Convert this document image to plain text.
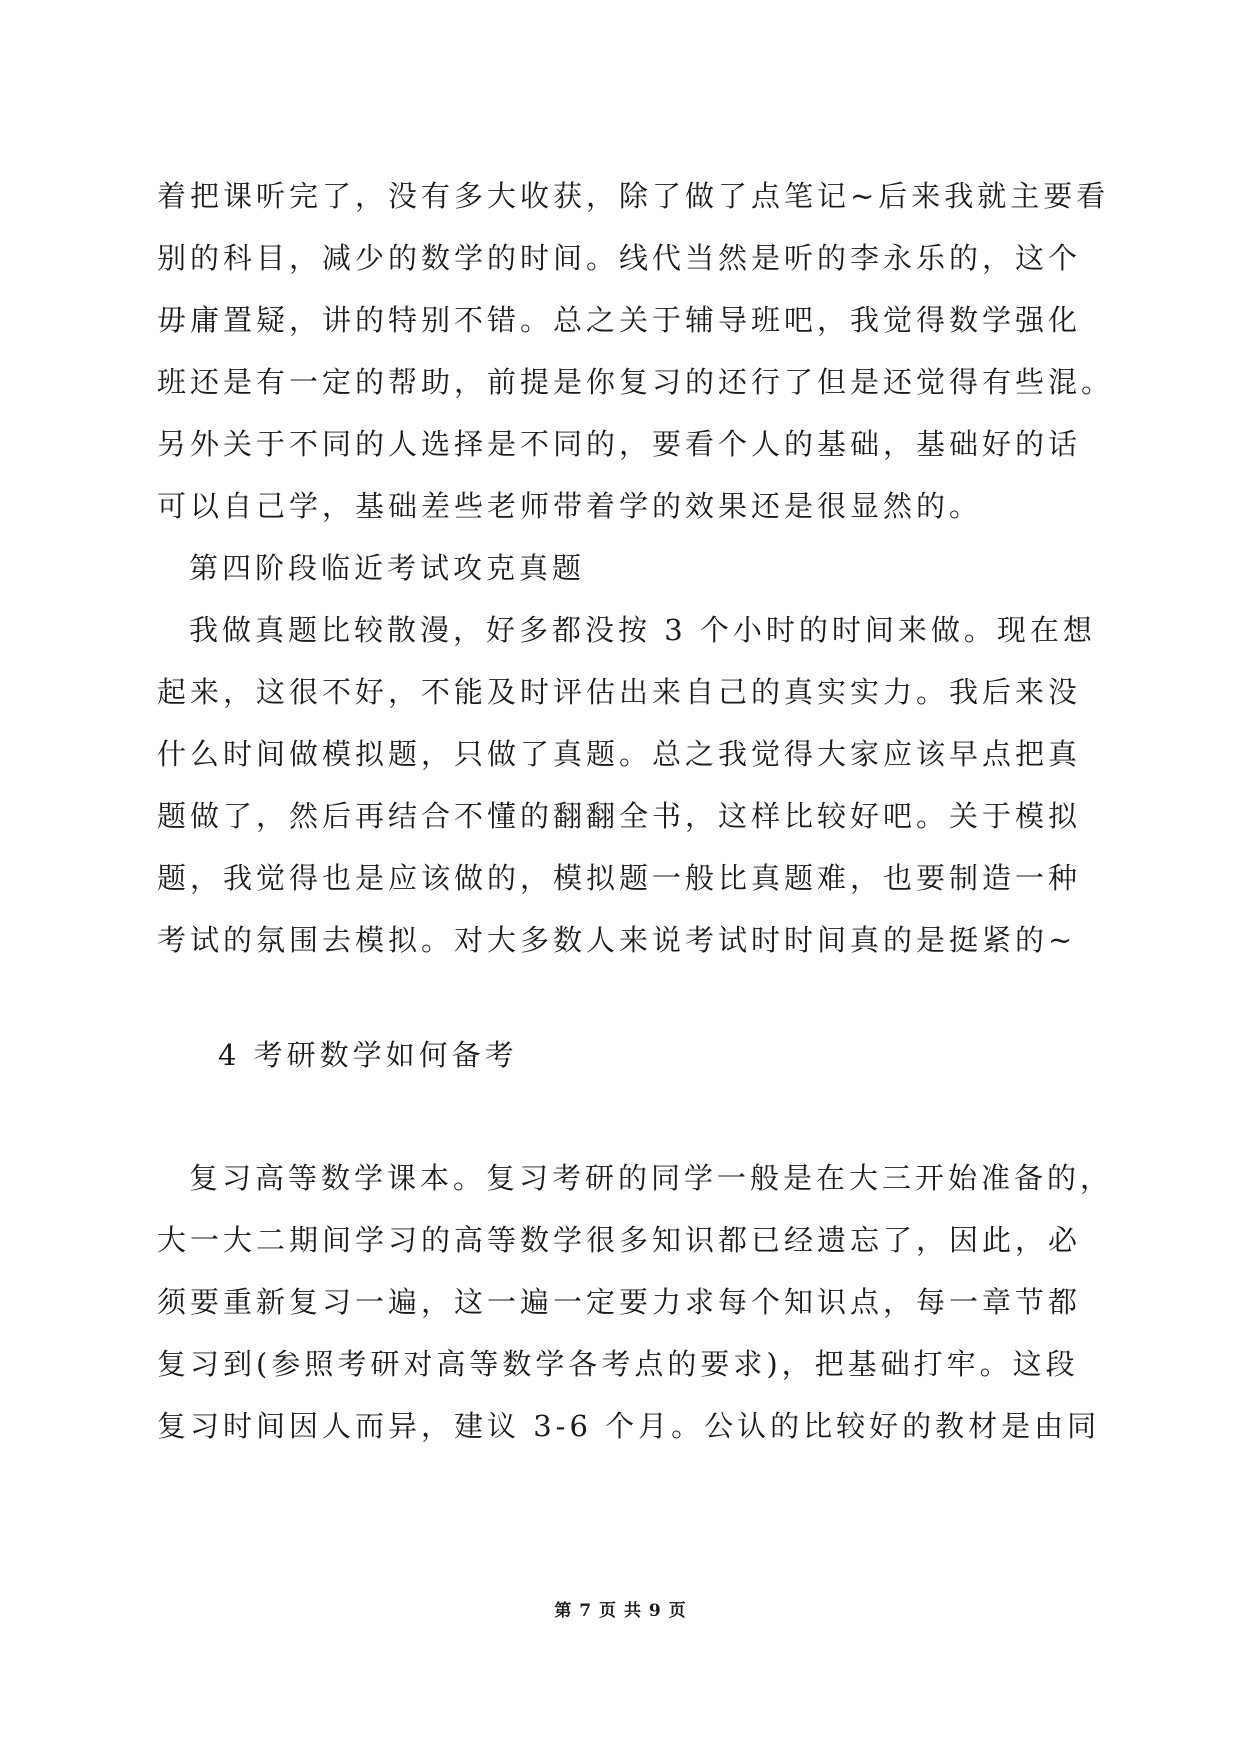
着把课听完了，没有多大收获，除了做了点笔记~后来我就主要看
别的科目，减少的数学的时间。线代当然是听的李永乐的，这个
毋庸置疑，讲的特别不错。总之关于辅导班吧，我觉得数学强化
班还是有一定的帮助，前提是你复习的还行了但是还觉得有些混。
另外关于不同的人选择是不同的，要看个人的基础，基础好的话
可以自己学，基础差些老师带着学的效果还是很显然的。
第四阶段临近考试攻克真题
我做真题比较散漫，好多都没按 3 个小时的时间来做。现在想
起来，这很不好，不能及时评估出来自己的真实实力。我后来没
什么时间做模拟题，只做了真题。总之我觉得大家应该早点把真
题做了，然后再结合不懂的翻翻全书，这样比较好吧。关于模拟
题，我觉得也是应该做的，模拟题一般比真题难，也要制造一种
考试的氛围去模拟。对大多数人来说考试时时间真的是挺紧的~
4 考研数学如何备考
复习高等数学课本。复习考研的同学一般是在大三开始准备的，
大一大二期间学习的高等数学很多知识都已经遗忘了，因此，必
须要重新复习一遍，这一遍一定要力求每个知识点，每一章节都
复习到(参照考研对高等数学各考点的要求)，把基础打牢。这段
复习时间因人而异，建议 3-6 个月。公认的比较好的教材是由同
第 7 页 共 9 页
